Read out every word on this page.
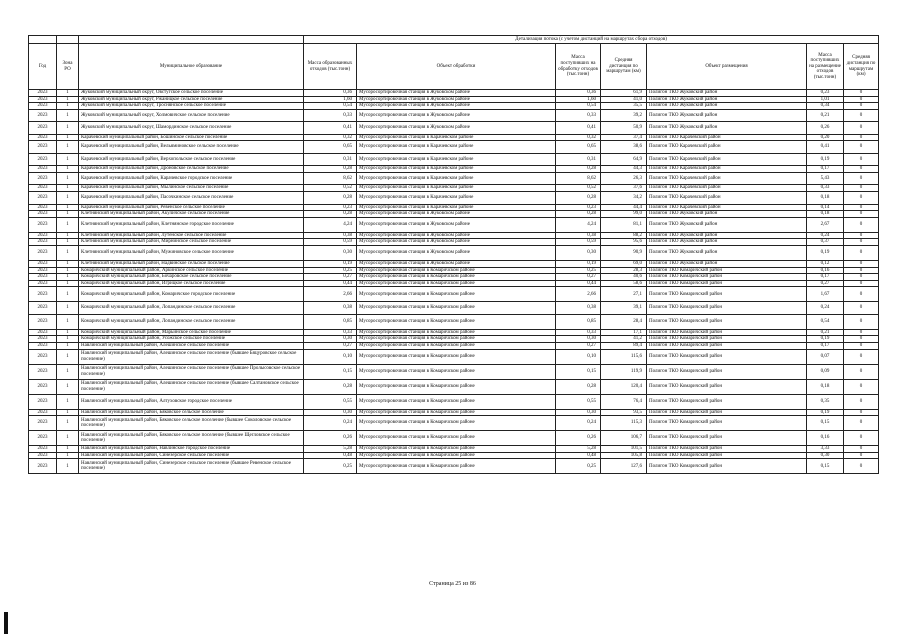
			Детализация потока (с учетом дистанций на маршрутах сбора отходов)						
Год	Зона РО	Муниципальное образование	Масса образованных отходов (тыс.тонн)	Объект обработки	Масса поступивших на обработку отходов (тыс.тонн)	Средняя дистанция по маршрутам (км)	Объект размещения	Масса поступивших на размещение отходов (тыс.тонн)	Средняя дистанция по маршрутам (км)
2023	1	Жуковский муниципальный округ, Овстугское сельское поселение	0,36	Мусоросортировочная станция в Жуковском районе	0,36	61,9	Полигон ТКО Жуковский район	0,23	0
2023	1	Жуковский муниципальный округ, Ржаницкое сельское поселение	1,60	Мусоросортировочная станция в Жуковском районе	1,60	41,0	Полигон ТКО Жуковский район	1,01	0
2023	1	Жуковский муниципальный округ, Троснянское сельское поселение	0,54	Мусоросортировочная станция в Жуковском районе	0,54	35,5	Полигон ТКО Жуковский район	0,34	0
2023	1	Жуковский муниципальный округ, Холмовичское сельское поселение	0,33	Мусоросортировочная станция в Жуковском районе	0,33	39,2	Полигон ТКО Жуковский район	0,21	0
2023	1	Жуковский муниципальный округ, Шамординское сельское поселение	0,41	Мусоросортировочная станция в Жуковском районе	0,41	50,9	Полигон ТКО Жуковский район	0,26	0
2023	1	Карачевский муниципальный район, Бошинское сельское поселение	0,32	Мусоросортировочная станция в Карачевском районе	0,32	37,4	Полигон ТКО Карачевский район	0,20	0
2023	1	Карачевский муниципальный район, Вельяминовское сельское поселение	0,65	Мусоросортировочная станция в Карачевском районе	0,65	38,6	Полигон ТКО Карачевский район	0,41	0
2023	1	Карачевский муниципальный район, Верхопольское сельское поселение	0,31	Мусоросортировочная станция в Карачевском районе	0,31	64,9	Полигон ТКО Карачевский район	0,19	0
2023	1	Карачевский муниципальный район, Дроновское сельское поселение	0,28	Мусоросортировочная станция в Карачевском районе	0,28	44,3	Полигон ТКО Карачевский район	0,17	0
2023	1	Карачевский муниципальный район, Карачевское городское поселение	8,62	Мусоросортировочная станция в Карачевском районе	8,62	26,3	Полигон ТКО Карачевский район	5,43	0
2023	1	Карачевский муниципальный район, Мылинское сельское поселение	0,52	Мусоросортировочная станция в Карачевском районе	0,52	37,6	Полигон ТКО Карачевский район	0,33	0
2023	1	Карачевский муниципальный район, Пасочкинское сельское поселение	0,28	Мусоросортировочная станция в Карачевском районе	0,28	34,2	Полигон ТКО Карачевский район	0,18	0
2023	1	Карачевский муниципальный район, Ревенское сельское поселение	0,23	Мусоросортировочная станция в Карачевском районе	0,23	44,4	Полигон ТКО Карачевский район	0,14	0
2023	1	Клетнянский муниципальный район, Акуличское сельское поселение	0,28	Мусоросортировочная станция в Жуковском районе	0,28	99,0	Полигон ТКО Жуковский район	0,18	0
2023	1	Клетнянский муниципальный район, Клетнянское городское поселение	4,24	Мусоросортировочная станция в Жуковском районе	4,24	81,1	Полигон ТКО Жуковский район	2,67	0
2023	1	Клетнянский муниципальный район, Лутенское сельское поселение	0,38	Мусоросортировочная станция в Жуковском районе	0,38	88,2	Полигон ТКО Жуковский район	0,24	0
2023	1	Клетнянский муниципальный район, Мирнинское сельское поселение	0,59	Мусоросортировочная станция в Жуковском районе	0,59	95,6	Полигон ТКО Жуковский район	0,37	0
2023	1	Клетнянский муниципальный район, Мужиновское сельское поселение	0,30	Мусоросортировочная станция в Жуковском районе	0,30	90,9	Полигон ТКО Жуковский район	0,19	0
2023	1	Клетнянский муниципальный район, Надвинское сельское поселение	0,19	Мусоросортировочная станция в Жуковском районе	0,19	69,0	Полигон ТКО Жуковский район	0,12	0
2023	1	Комаричский муниципальный район, Аркинское сельское поселение	0,25	Мусоросортировочная станция в Комаричском районе	0,25	28,3	Полигон ТКО Комаричский район	0,16	0
2023	1	Комаричский муниципальный район, Бочаровское сельское поселение	0,27	Мусоросортировочная станция в Комаричском районе	0,27	40,6	Полигон ТКО Комаричский район	0,17	0
2023	1	Комаричский муниципальный район, Игрицкое сельское поселение	0,44	Мусоросортировочная станция в Комаричском районе	0,44	58,6	Полигон ТКО Комаричский район	0,27	0
2023	1	Комаричский муниципальный район, Комаричское городское поселение	2,66	Мусоросортировочная станция в Комаричском районе	2,66	27,1	Полигон ТКО Комаричский район	1,67	0
2023	1	Комаричский муниципальный район, Лопандинское сельское поселение	0,38	Мусоросортировочная станция в Комаричском районе	0,38	39,1	Полигон ТКО Комаричский район	0,24	0
2023	1	Комаричский муниципальный район, Лопандинское сельское поселение	0,85	Мусоросортировочная станция в Комаричском районе	0,85	28,4	Полигон ТКО Комаричский район	0,54	0
2023	1	Комаричский муниципальный район, Марьинское сельское поселение	0,33	Мусоросортировочная станция в Комаричском районе	0,33	17,1	Полигон ТКО Комаричский район	0,21	0
2023	1	Комаричский муниципальный район, Усожское сельское поселение	0,30	Мусоросортировочная станция в Комаричском районе	0,30	41,2	Полигон ТКО Комаричский район	0,19	0
2023	1	Навлинский муниципальный район, Алешинское сельское поселение	0,27	Мусоросортировочная станция в Комаричском районе	0,27	89,4	Полигон ТКО Комаричский район	0,17	0
2023	1	Навлинский муниципальный район, Алешинское сельское поселение (бывшее Бяцуровское сельское поселение)	0,10	Мусоросортировочная станция в Комаричском районе	0,10	115,6	Полигон ТКО Комаричский район	0,07	0
2023	1	Навлинский муниципальный район, Алешинское сельское поселение (бывшее Пролысовское сельское поселение)	0,15	Мусоросортировочная станция в Комаричском районе	0,15	119,9	Полигон ТКО Комаричский район	0,09	0
2023	1	Навлинский муниципальный район, Алешинское сельское поселение (бывшее Салтановское сельское поселение)	0,28	Мусоросортировочная станция в Комаричском районе	0,28	120,4	Полигон ТКО Комаричский район	0,18	0
2023	1	Навлинский муниципальный район, Алтуховское городское поселение	0,55	Мусоросортировочная станция в Комаричском районе	0,55	76,4	Полигон ТКО Комаричский район	0,35	0
2023	1	Навлинский муниципальный район, Бяковское сельское поселение	0,30	Мусоросортировочная станция в Комаричском районе	0,30	93,5	Полигон ТКО Комаричский район	0,19	0
2023	1	Навлинский муниципальный район, Бяковское сельское поселение (бывшее Соколовское сельское поселение)	0,24	Мусоросортировочная станция в Комаричском районе	0,24	115,3	Полигон ТКО Комаричский район	0,15	0
2023	1	Навлинский муниципальный район, Бяковское сельское поселение (бывшее Щегловское сельское поселение)	0,26	Мусоросортировочная станция в Комаричском районе	0,26	106,7	Полигон ТКО Комаричский район	0,16	0
2023	1	Навлинский муниципальный район, Навлинское городское поселение	5,28	Мусоросортировочная станция в Комаричском районе	5,28	101,5	Полигон ТКО Комаричский район	3,33	0
2023	1	Навлинский муниципальный район, Синезерское сельское поселение	0,48	Мусоросортировочная станция в Комаричском районе	0,48	105,8	Полигон ТКО Комаричский район	0,30	0
2023	1	Навлинский муниципальный район, Синезерское сельское поселение (бывшее Ревенское сельское поселение)	0,25	Мусоросортировочная станция в Комаричском районе	0,25	127,6	Полигон ТКО Комаричский район	0,15	0
Страница 25 из 86
